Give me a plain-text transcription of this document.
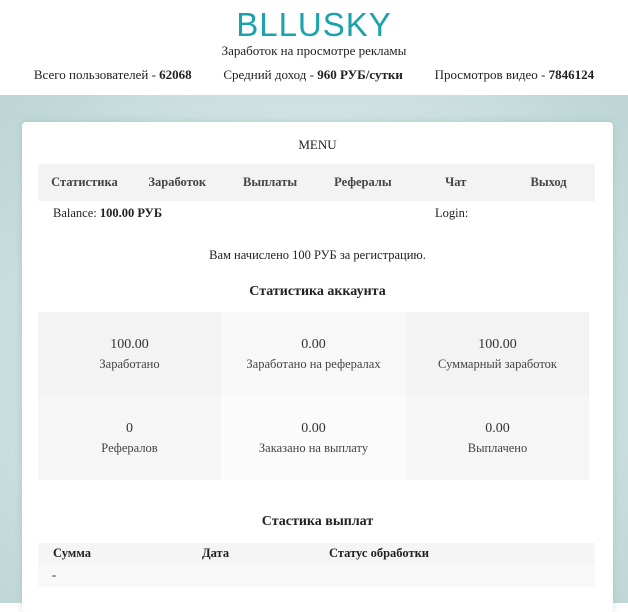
BLLUSKY
Заработок на просмотре рекламы
Всего пользователей - 62068 Средний доход - 960 РУБ/сутки Просмотров видео - 7846124
MENU
Статистика	Заработок	Выплаты	Рефералы	Чат	Выход
Balance: 100.00 РУБ	Login:
Вам начислено 100 РУБ за регистрацию.
Статистика аккаунта
100.00
Заработано
0.00
Заработано на рефералах
100.00
Суммарный заработок
0
Рефералов
0.00
Заказано на выплату
0.00
Выплачено
Стастика выплат
Сумма	Дата	Статус обработки
-
